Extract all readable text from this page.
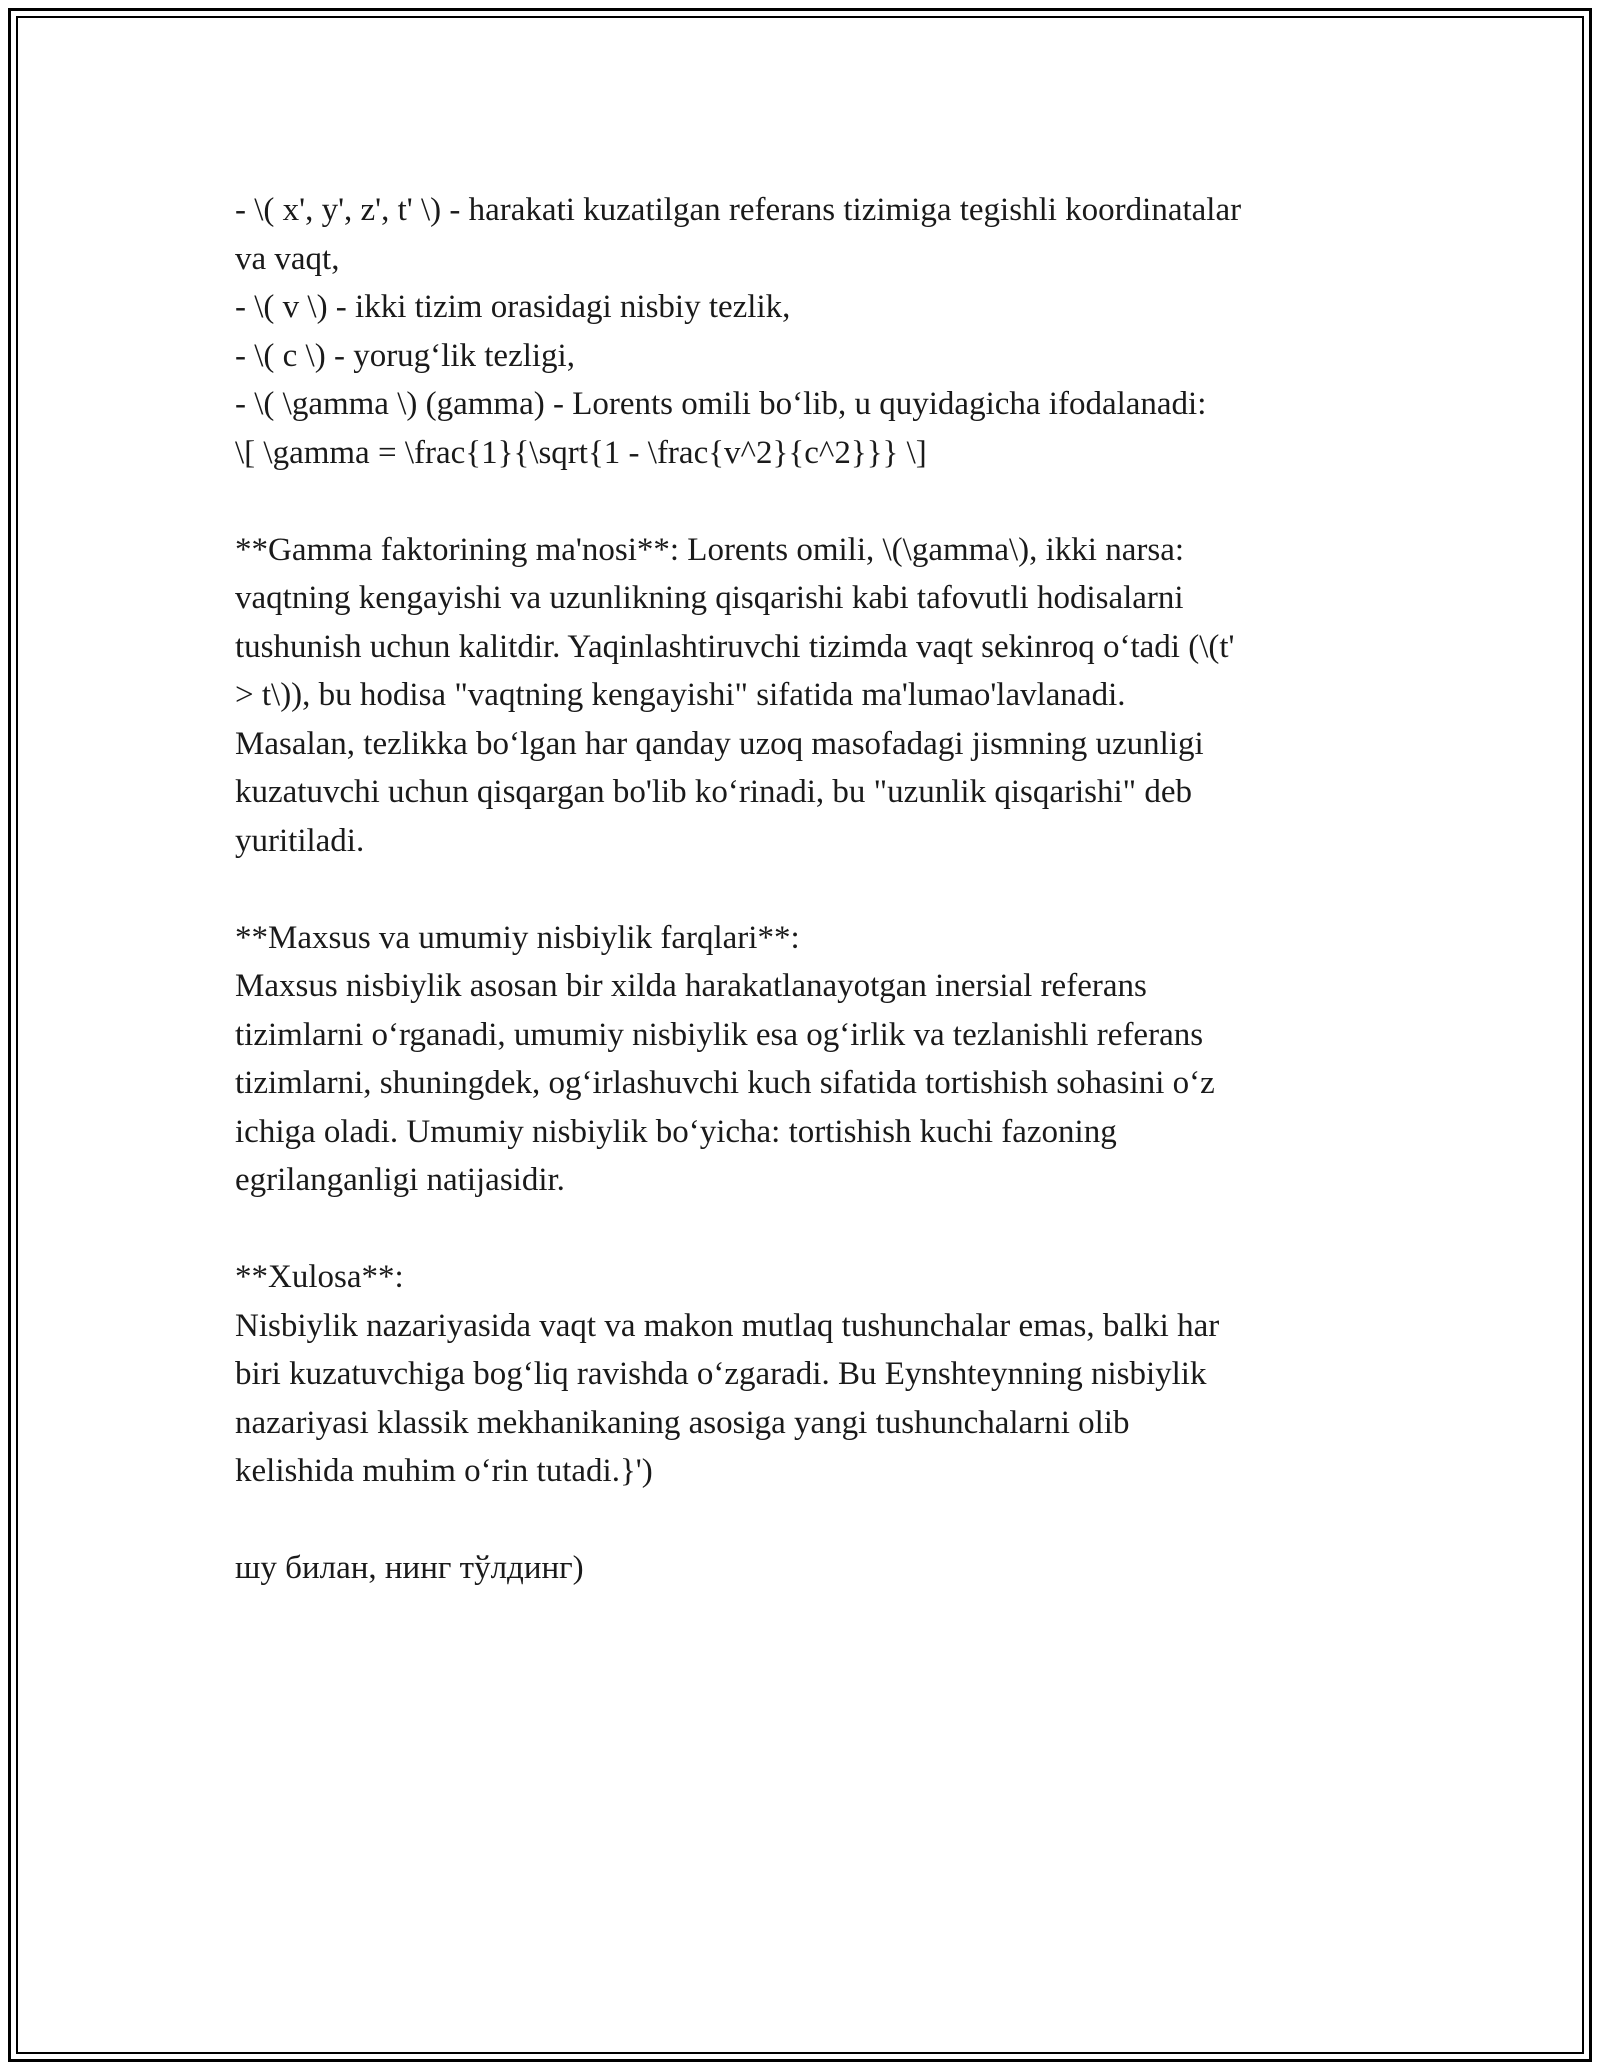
- \( x', y', z', t' \) - harakati kuzatilgan referans tizimiga tegishli koordinatalar
va vaqt,
- \( v \) - ikki tizim orasidagi nisbiy tezlik,
- \( c \) - yorug‘lik tezligi,
- \( \gamma \) (gamma) - Lorents omili bo‘lib, u quyidagicha ifodalanadi:
\[ \gamma = \frac{1}{\sqrt{1 - \frac{v^2}{c^2}}} \]
**Gamma faktorining ma'nosi**: Lorents omili, \(\gamma\), ikki narsa:
vaqtning kengayishi va uzunlikning qisqarishi kabi tafovutli hodisalarni
tushunish uchun kalitdir. Yaqinlashtiruvchi tizimda vaqt sekinroq o‘tadi (\(t'
> t\)), bu hodisa "vaqtning kengayishi" sifatida ma'lumao'lavlanadi.
Masalan, tezlikka bo‘lgan har qanday uzoq masofadagi jismning uzunligi
kuzatuvchi uchun qisqargan bo'lib ko‘rinadi, bu "uzunlik qisqarishi" deb
yuritiladi.
**Maxsus va umumiy nisbiylik farqlari**:
Maxsus nisbiylik asosan bir xilda harakatlanayotgan inersial referans
tizimlarni o‘rganadi, umumiy nisbiylik esa og‘irlik va tezlanishli referans
tizimlarni, shuningdek, og‘irlashuvchi kuch sifatida tortishish sohasini o‘z
ichiga oladi. Umumiy nisbiylik bo‘yicha: tortishish kuchi fazoning
egrilanganligi natijasidir.
**Xulosa**:
Nisbiylik nazariyasida vaqt va makon mutlaq tushunchalar emas, balki har
biri kuzatuvchiga bog‘liq ravishda o‘zgaradi. Bu Eynshteynning nisbiylik
nazariyasi klassik mekhanikaning asosiga yangi tushunchalarni olib
kelishida muhim o‘rin tutadi.}')
шу билан, нинг тўлдинг)
